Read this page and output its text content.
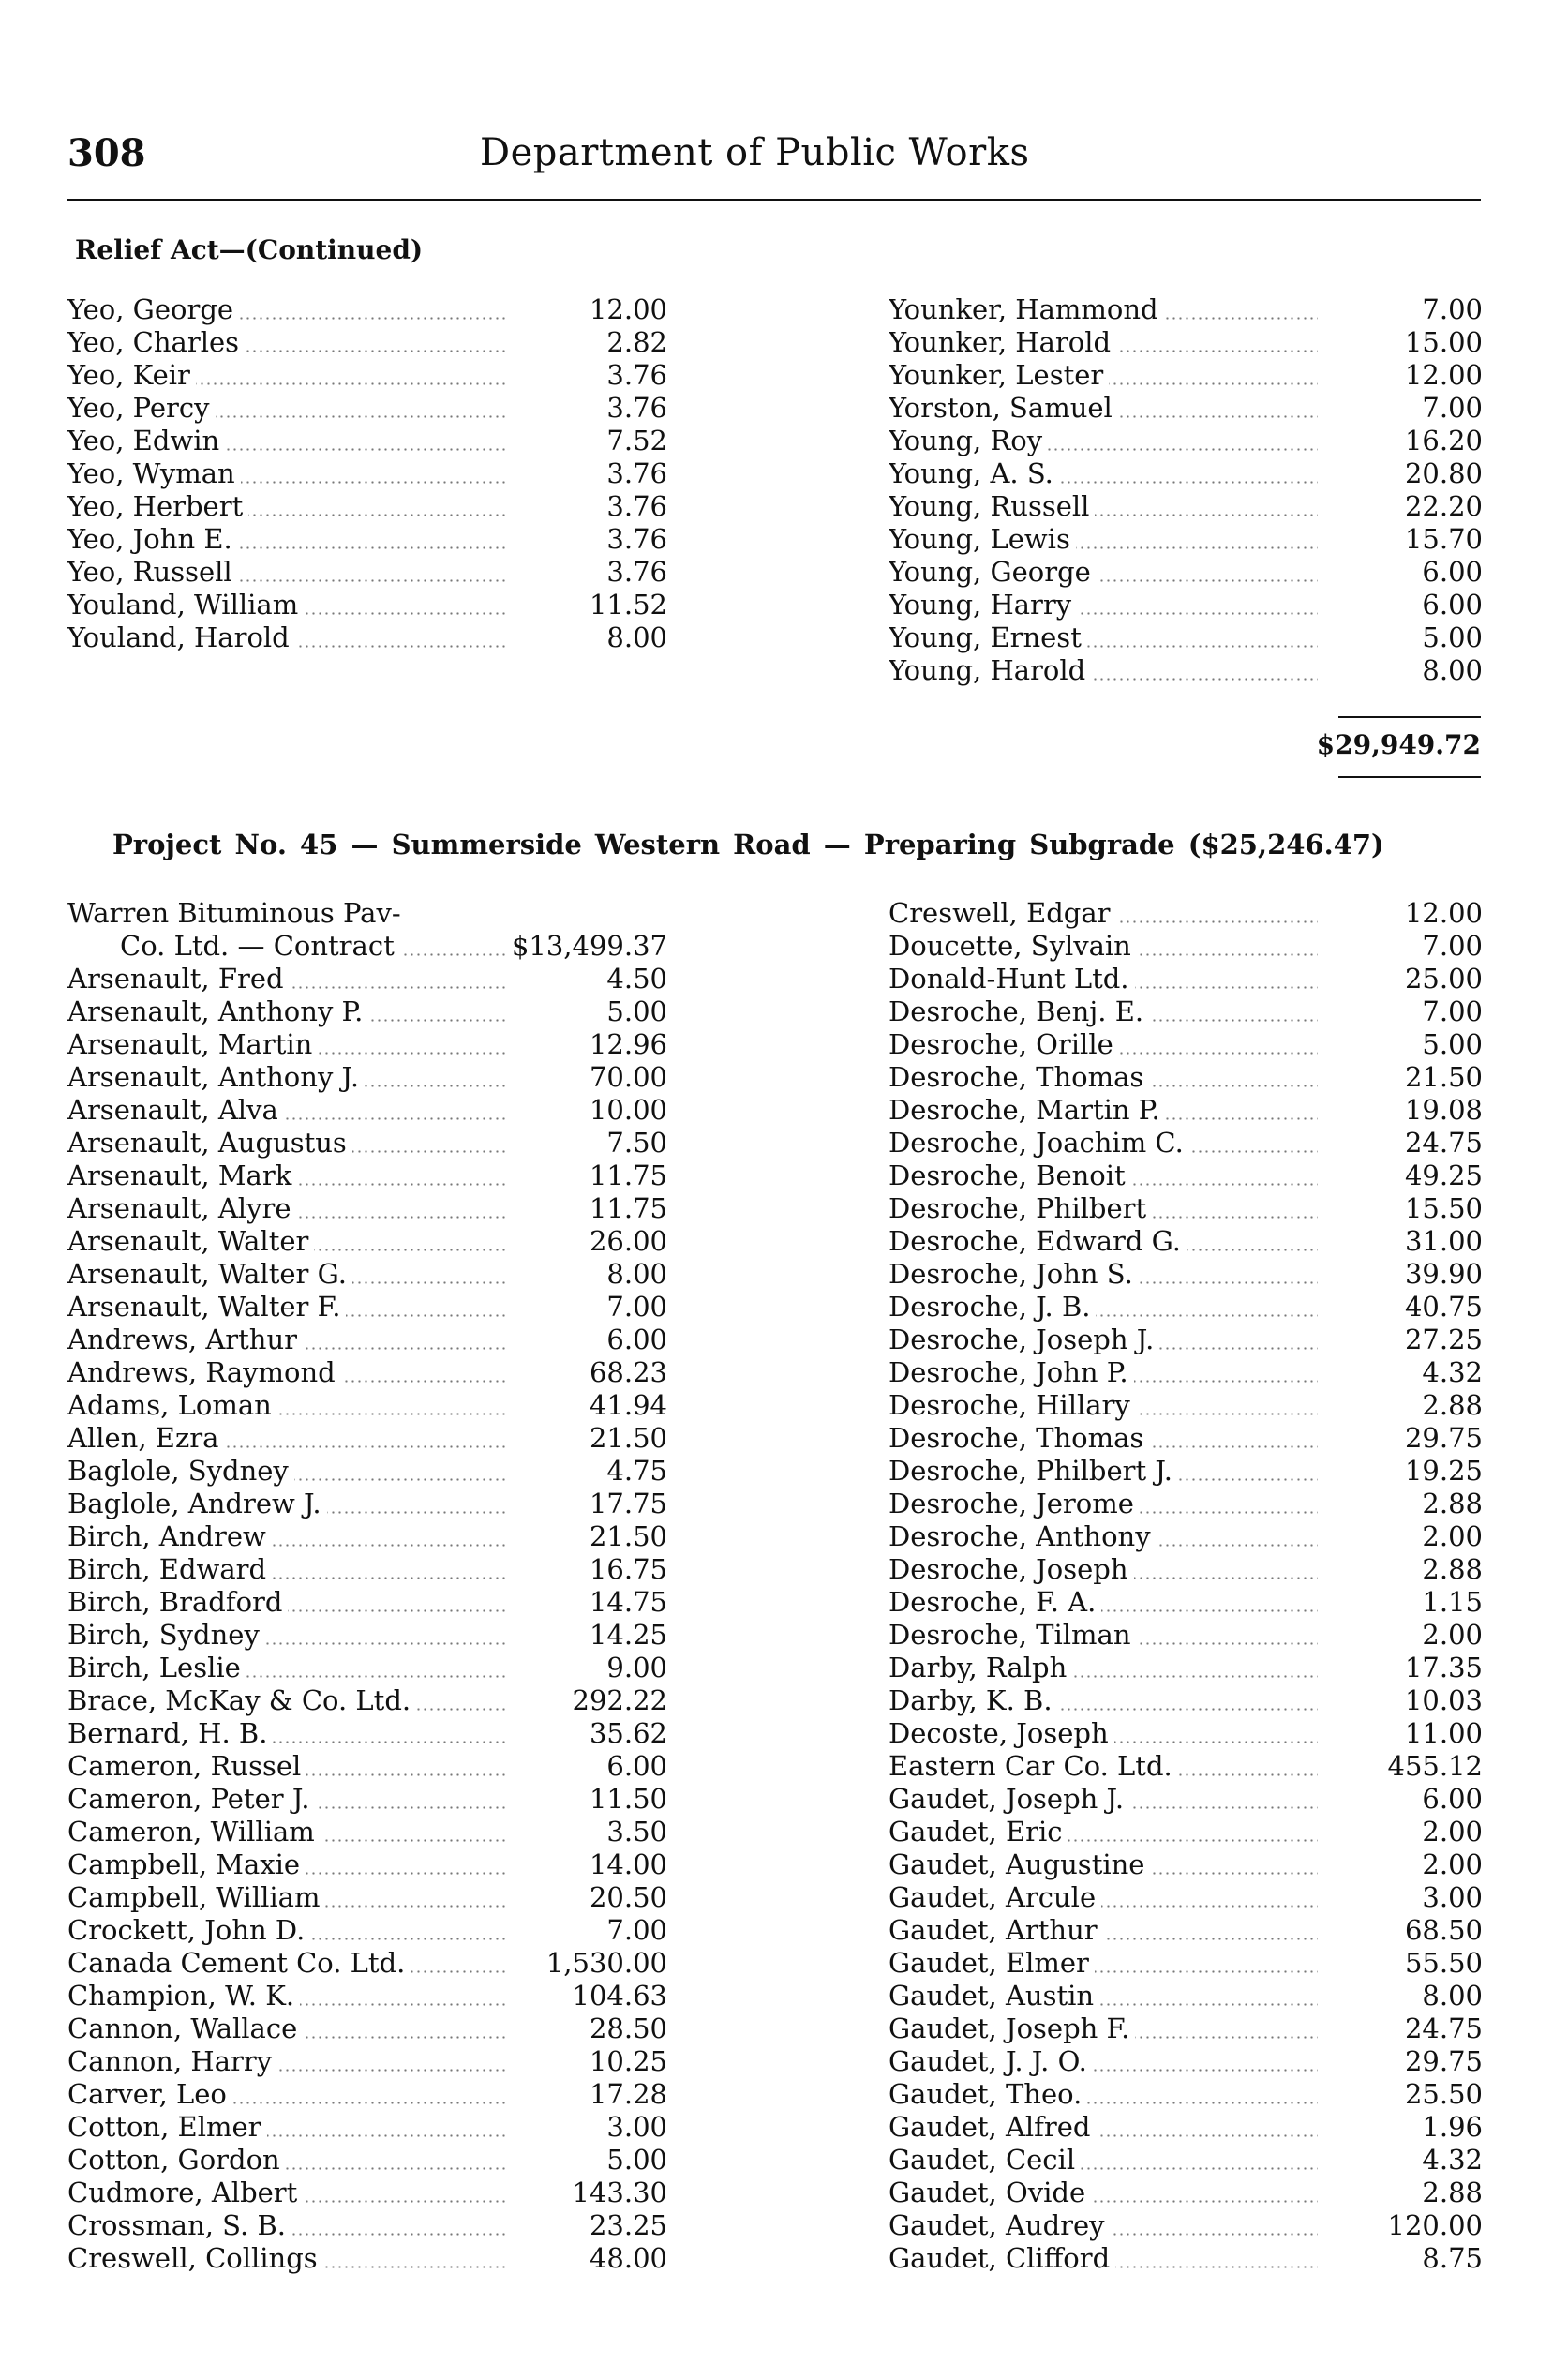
308	Department of Public Works
Relief Act—(Continued)
Yeo, George	12.00
Yeo, Charles	2.82
Yeo, Keir	3.76
Yeo, Percy	3.76
Yeo, Edwin	7.52
Yeo, Wyman	3.76
Yeo, Herbert	3.76
Yeo, John E.	3.76
Yeo, Russell	3.76
Youland, William	11.52
Youland, Harold	8.00
Younker, Hammond	7.00
Younker, Harold	15.00
Younker, Lester	12.00
Yorston, Samuel	7.00
Young, Roy	16.20
Young, A. S.	20.80
Young, Russell	22.20
Young, Lewis	15.70
Young, George	6.00
Young, Harry	6.00
Young, Ernest	5.00
Young, Harold	8.00
$29,949.72
Project No. 45 — Summerside Western Road — Preparing Subgrade ($25,246.47)
Warren Bituminous Pav-
Co. Ltd. — Contract	$13,499.37
Arsenault, Fred	4.50
Arsenault, Anthony P.	5.00
Arsenault, Martin	12.96
Arsenault, Anthony J.	70.00
Arsenault, Alva	10.00
Arsenault, Augustus	7.50
Arsenault, Mark	11.75
Arsenault, Alyre	11.75
Arsenault, Walter	26.00
Arsenault, Walter G.	8.00
Arsenault, Walter F.	7.00
Andrews, Arthur	6.00
Andrews, Raymond	68.23
Adams, Loman	41.94
Allen, Ezra	21.50
Baglole, Sydney	4.75
Baglole, Andrew J.	17.75
Birch, Andrew	21.50
Birch, Edward	16.75
Birch, Bradford	14.75
Birch, Sydney	14.25
Birch, Leslie	9.00
Brace, McKay & Co. Ltd.	292.22
Bernard, H. B.	35.62
Cameron, Russel	6.00
Cameron, Peter J.	11.50
Cameron, William	3.50
Campbell, Maxie	14.00
Campbell, William	20.50
Crockett, John D.	7.00
Canada Cement Co. Ltd.	1,530.00
Champion, W. K.	104.63
Cannon, Wallace	28.50
Cannon, Harry	10.25
Carver, Leo	17.28
Cotton, Elmer	3.00
Cotton, Gordon	5.00
Cudmore, Albert	143.30
Crossman, S. B.	23.25
Creswell, Collings	48.00
Creswell, Edgar	12.00
Doucette, Sylvain	7.00
Donald-Hunt Ltd.	25.00
Desroche, Benj. E.	7.00
Desroche, Orille	5.00
Desroche, Thomas	21.50
Desroche, Martin P.	19.08
Desroche, Joachim C.	24.75
Desroche, Benoit	49.25
Desroche, Philbert	15.50
Desroche, Edward G.	31.00
Desroche, John S.	39.90
Desroche, J. B.	40.75
Desroche, Joseph J.	27.25
Desroche, John P.	4.32
Desroche, Hillary	2.88
Desroche, Thomas	29.75
Desroche, Philbert J.	19.25
Desroche, Jerome	2.88
Desroche, Anthony	2.00
Desroche, Joseph	2.88
Desroche, F. A.	1.15
Desroche, Tilman	2.00
Darby, Ralph	17.35
Darby, K. B.	10.03
Decoste, Joseph	11.00
Eastern Car Co. Ltd.	455.12
Gaudet, Joseph J.	6.00
Gaudet, Eric	2.00
Gaudet, Augustine	2.00
Gaudet, Arcule	3.00
Gaudet, Arthur	68.50
Gaudet, Elmer	55.50
Gaudet, Austin	8.00
Gaudet, Joseph F.	24.75
Gaudet, J. J. O.	29.75
Gaudet, Theo.	25.50
Gaudet, Alfred	1.96
Gaudet, Cecil	4.32
Gaudet, Ovide	2.88
Gaudet, Audrey	120.00
Gaudet, Clifford	8.75
